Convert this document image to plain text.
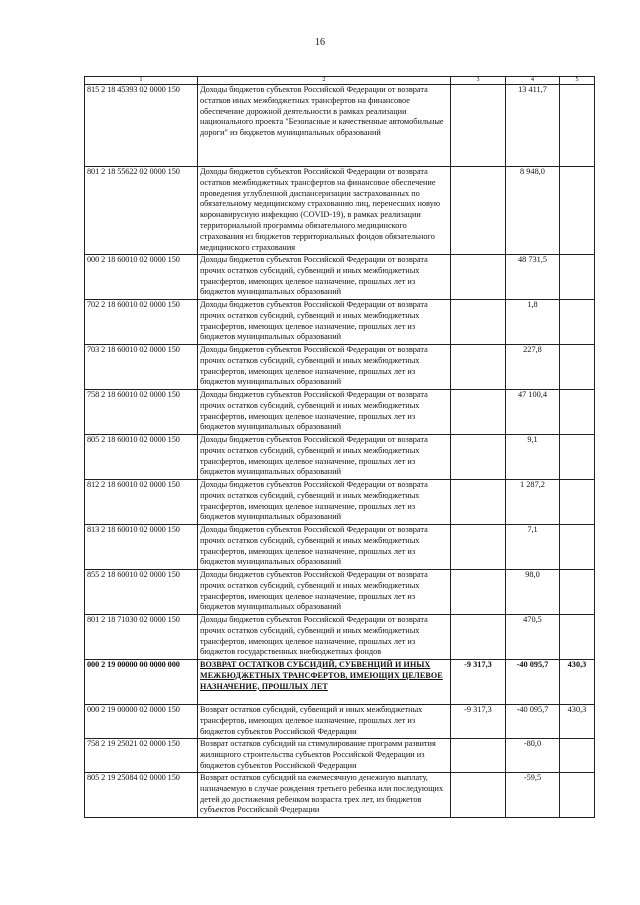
16
1	2	3	4	5
815 2 18 45393 02 0000 150	Доходы бюджетов субъектов Российской Федерации от возврата остатков иных межбюджетных трансфертов на финансовое обеспечение дорожной деятельности в рамках реализации национального проекта "Безопасные и качественные автомобильные дороги" из бюджетов муниципальных образований		13 411,7	
801 2 18 55622 02 0000 150	Доходы бюджетов субъектов Российской Федерации от возврата остатков межбюджетных трансфертов на финансовое обеспечение проведения углубленной диспансеризации застрахованных по обязательному медицинскому страхованию лиц, перенесших новую коронавирусную инфекцию (COVID-19), в рамках реализации территориальной программы обязательного медицинского страхования из бюджетов территориальных фондов обязательного медицинского страхования		8 948,0	
000 2 18 60010 02 0000 150	Доходы бюджетов субъектов Российской Федерации от возврата прочих остатков субсидий, субвенций и иных межбюджетных трансфертов, имеющих целевое назначение, прошлых лет из бюджетов муниципальных образований		48 731,5	
702 2 18 60010 02 0000 150	Доходы бюджетов субъектов Российской Федерации от возврата прочих остатков субсидий, субвенций и иных межбюджетных трансфертов, имеющих целевое назначение, прошлых лет из бюджетов муниципальных образований		1,8	
703 2 18 60010 02 0000 150	Доходы бюджетов субъектов Российской Федерации от возврата прочих остатков субсидий, субвенций и иных межбюджетных трансфертов, имеющих целевое назначение, прошлых лет из бюджетов муниципальных образований		227,8	
758 2 18 60010 02 0000 150	Доходы бюджетов субъектов Российской Федерации от возврата прочих остатков субсидий, субвенций и иных межбюджетных трансфертов, имеющих целевое назначение, прошлых лет из бюджетов муниципальных образований		47 100,4	
805 2 18 60010 02 0000 150	Доходы бюджетов субъектов Российской Федерации от возврата прочих остатков субсидий, субвенций и иных межбюджетных трансфертов, имеющих целевое назначение, прошлых лет из бюджетов муниципальных образований		9,1	
812 2 18 60010 02 0000 150	Доходы бюджетов субъектов Российской Федерации от возврата прочих остатков субсидий, субвенций и иных межбюджетных трансфертов, имеющих целевое назначение, прошлых лет из бюджетов муниципальных образований		1 287,2	
813 2 18 60010 02 0000 150	Доходы бюджетов субъектов Российской Федерации от возврата прочих остатков субсидий, субвенций и иных межбюджетных трансфертов, имеющих целевое назначение, прошлых лет из бюджетов муниципальных образований		7,1	
855 2 18 60010 02 0000 150	Доходы бюджетов субъектов Российской Федерации от возврата прочих остатков субсидий, субвенций и иных межбюджетных трансфертов, имеющих целевое назначение, прошлых лет из бюджетов муниципальных образований		98,0	
801 2 18 71030 02 0000 150	Доходы бюджетов субъектов Российской Федерации от возврата прочих остатков субсидий, субвенций и иных межбюджетных трансфертов, имеющих целевое назначение, прошлых лет из бюджетов государственных внебюджетных фондов		470,5	
000 2 19 00000 00 0000 000	ВОЗВРАТ ОСТАТКОВ СУБСИДИЙ, СУБВЕНЦИЙ И ИНЫХ МЕЖБЮДЖЕТНЫХ ТРАНСФЕРТОВ, ИМЕЮЩИХ ЦЕЛЕВОЕ НАЗНАЧЕНИЕ, ПРОШЛЫХ ЛЕТ	-9 317,3	-40 095,7	430,3
000 2 19 00000 02 0000 150	Возврат остатков субсидий, субвенций и иных межбюджетных трансфертов, имеющих целевое назначение, прошлых лет из бюджетов субъектов Российской Федерации	-9 317,3	-40 095,7	430,3
758 2 19 25021 02 0000 150	Возврат остатков субсидий на стимулирование программ развития жилищного строительства субъектов Российской Федерации из бюджетов субъектов Российской Федерации		-80,0	
805 2 19 25084 02 0000 150	Возврат остатков субсидий на ежемесячную денежную выплату, назначаемую в случае рождения третьего ребенка или последующих детей до достижения ребенком возраста трех лет, из бюджетов субъектов Российской Федерации		-59,5	
